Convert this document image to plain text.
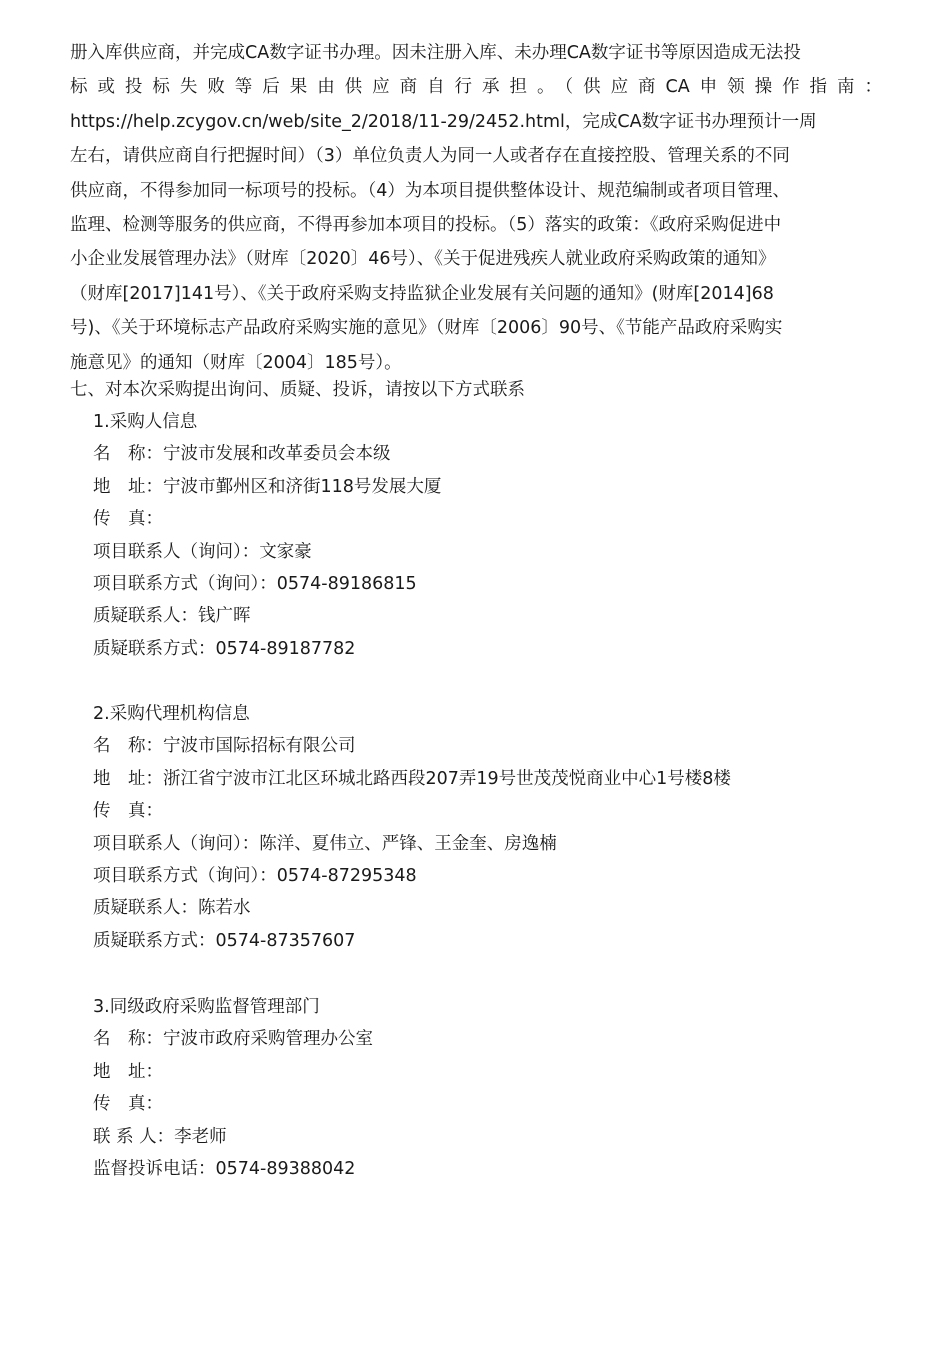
册入库供应商，并完成CA数字证书办理。因未注册入库、未办理CA数字证书等原因造成无法投
标或投标失败等后果由供应商自行承担。（供应商CA申领操作指南：
https://help.zcygov.cn/web/site_2/2018/11-29/2452.html，完成CA数字证书办理预计一周
左右，请供应商自行把握时间）（3）单位负责人为同一人或者存在直接控股、管理关系的不同
供应商，不得参加同一标项号的投标。（4）为本项目提供整体设计、规范编制或者项目管理、
监理、检测等服务的供应商，不得再参加本项目的投标。（5）落实的政策：《政府采购促进中
小企业发展管理办法》（财库〔2020〕46号）、《关于促进残疾人就业政府采购政策的通知》
（财库[2017]141号）、《关于政府采购支持监狱企业发展有关问题的通知》(财库[2014]68
号)、《关于环境标志产品政府采购实施的意见》（财库〔2006〕90号、《节能产品政府采购实
施意见》的通知（财库〔2004〕185号）。
七、对本次采购提出询问、质疑、投诉，请按以下方式联系
1.采购人信息
名　称：宁波市发展和改革委员会本级
地　址：宁波市鄞州区和济街118号发展大厦
传　真：
项目联系人（询问）：文家豪
项目联系方式（询问）：0574-89186815
质疑联系人：钱广晖
质疑联系方式：0574-89187782
2.采购代理机构信息
名　称：宁波市国际招标有限公司
地　址：浙江省宁波市江北区环城北路西段207弄19号世茂茂悦商业中心1号楼8楼
传　真：
项目联系人（询问）：陈洋、夏伟立、严锋、王金奎、房逸楠
项目联系方式（询问）：0574-87295348
质疑联系人：陈若水
质疑联系方式：0574-87357607
3.同级政府采购监督管理部门
名　称：宁波市政府采购管理办公室
地　址：
传　真：
联 系 人：李老师
监督投诉电话：0574-89388042
